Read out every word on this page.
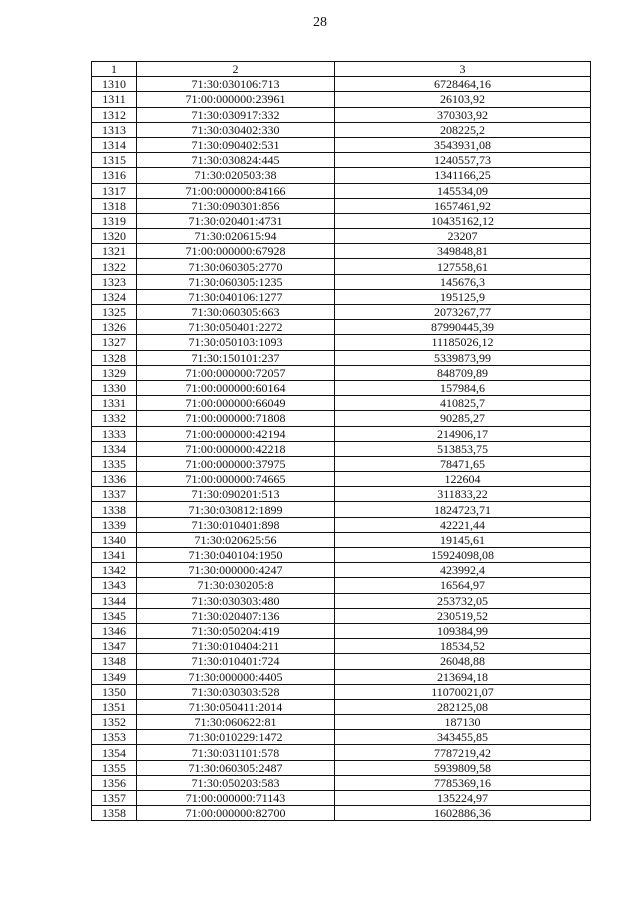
28
1	2	3
1310	71:30:030106:713	6728464,16
1311	71:00:000000:23961	26103,92
1312	71:30:030917:332	370303,92
1313	71:30:030402:330	208225,2
1314	71:30:090402:531	3543931,08
1315	71:30:030824:445	1240557,73
1316	71:30:020503:38	1341166,25
1317	71:00:000000:84166	145534,09
1318	71:30:090301:856	1657461,92
1319	71:30:020401:4731	10435162,12
1320	71:30:020615:94	23207
1321	71:00:000000:67928	349848,81
1322	71:30:060305:2770	127558,61
1323	71:30:060305:1235	145676,3
1324	71:30:040106:1277	195125,9
1325	71:30:060305:663	2073267,77
1326	71:30:050401:2272	87990445,39
1327	71:30:050103:1093	11185026,12
1328	71:30:150101:237	5339873,99
1329	71:00:000000:72057	848709,89
1330	71:00:000000:60164	157984,6
1331	71:00:000000:66049	410825,7
1332	71:00:000000:71808	90285,27
1333	71:00:000000:42194	214906,17
1334	71:00:000000:42218	513853,75
1335	71:00:000000:37975	78471,65
1336	71:00:000000:74665	122604
1337	71:30:090201:513	311833,22
1338	71:30:030812:1899	1824723,71
1339	71:30:010401:898	42221,44
1340	71:30:020625:56	19145,61
1341	71:30:040104:1950	15924098,08
1342	71:30:000000:4247	423992,4
1343	71:30:030205:8	16564,97
1344	71:30:030303:480	253732,05
1345	71:30:020407:136	230519,52
1346	71:30:050204:419	109384,99
1347	71:30:010404:211	18534,52
1348	71:30:010401:724	26048,88
1349	71:30:000000:4405	213694,18
1350	71:30:030303:528	11070021,07
1351	71:30:050411:2014	282125,08
1352	71:30:060622:81	187130
1353	71:30:010229:1472	343455,85
1354	71:30:031101:578	7787219,42
1355	71:30:060305:2487	5939809,58
1356	71:30:050203:583	7785369,16
1357	71:00:000000:71143	135224,97
1358	71:00:000000:82700	1602886,36
